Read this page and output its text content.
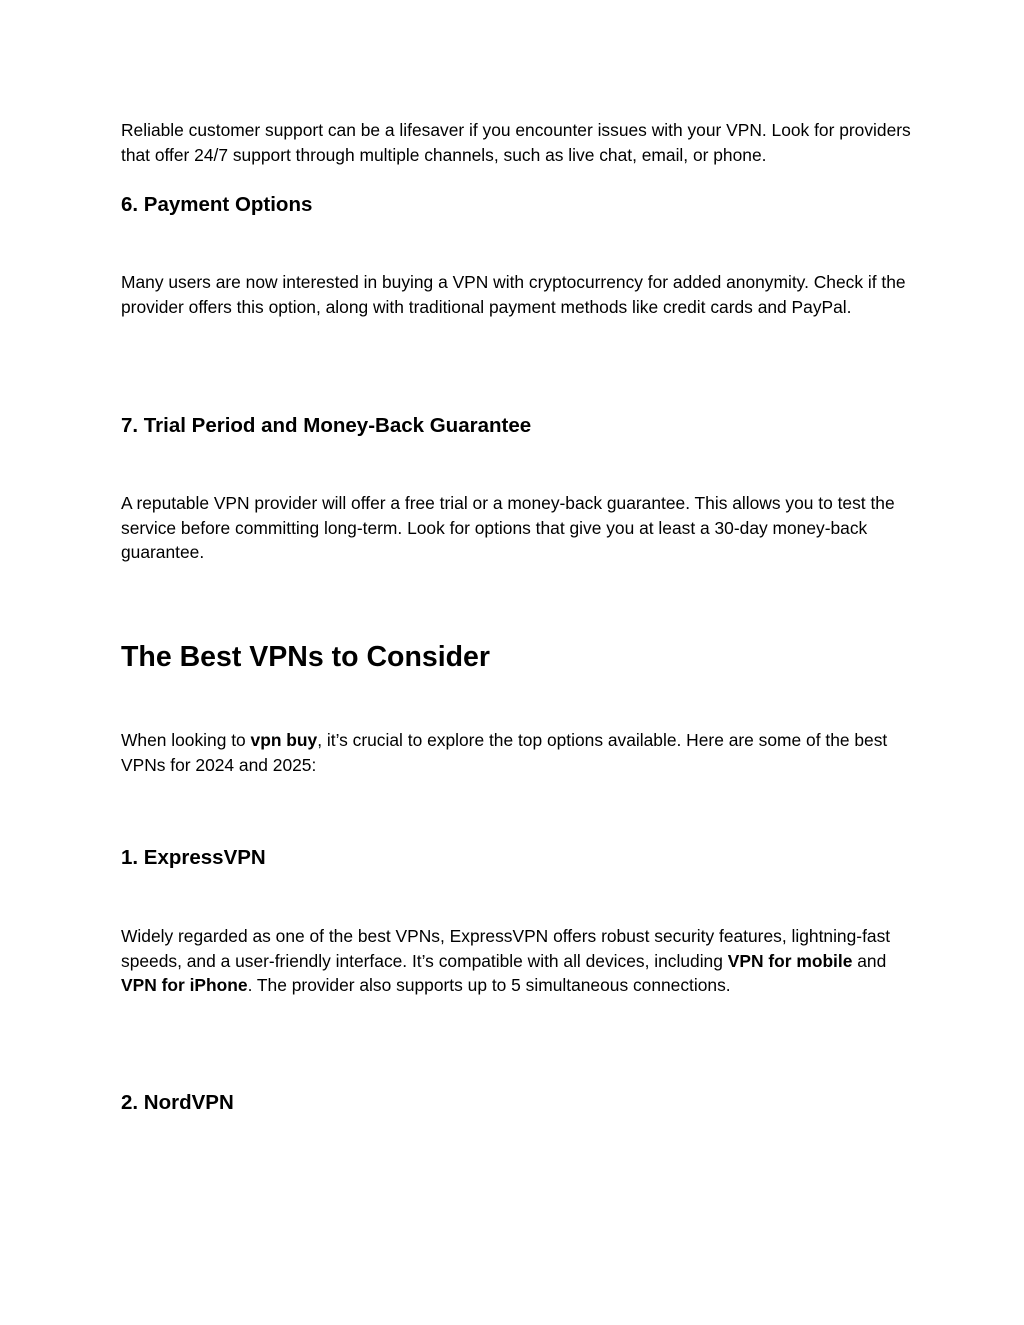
Reliable customer support can be a lifesaver if you encounter issues with your VPN. Look for providers that offer 24/7 support through multiple channels, such as live chat, email, or phone.

6. Payment Options

Many users are now interested in buying a VPN with cryptocurrency for added anonymity. Check if the provider offers this option, along with traditional payment methods like credit cards and PayPal.

7. Trial Period and Money-Back Guarantee

A reputable VPN provider will offer a free trial or a money-back guarantee. This allows you to test the service before committing long-term. Look for options that give you at least a 30-day money-back guarantee.

The Best VPNs to Consider

When looking to vpn buy, it’s crucial to explore the top options available. Here are some of the best VPNs for 2024 and 2025:

1. ExpressVPN

Widely regarded as one of the best VPNs, ExpressVPN offers robust security features, lightning-fast speeds, and a user-friendly interface. It’s compatible with all devices, including VPN for mobile and VPN for iPhone. The provider also supports up to 5 simultaneous connections.

2. NordVPN
